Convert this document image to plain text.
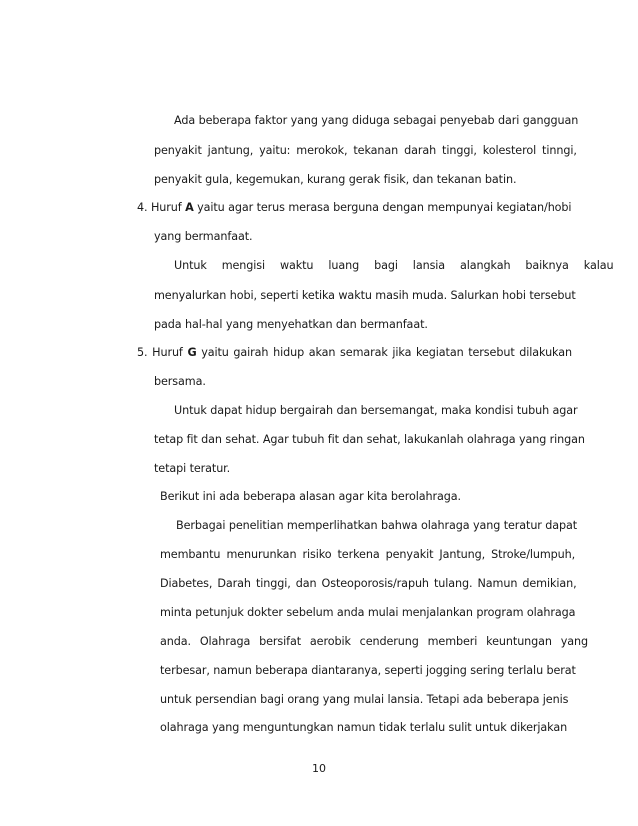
Ada beberapa faktor yang yang diduga sebagai penyebab dari gangguan
penyakit jantung, yaitu: merokok, tekanan darah tinggi, kolesterol tinngi,
penyakit gula, kegemukan, kurang gerak fisik, dan tekanan batin.
4. Huruf A yaitu agar terus merasa berguna dengan mempunyai kegiatan/hobi
yang bermanfaat.
Untuk mengisi waktu luang bagi lansia alangkah baiknya kalau
menyalurkan hobi, seperti ketika waktu masih muda. Salurkan hobi tersebut
pada hal-hal yang menyehatkan dan bermanfaat.
5. Huruf G yaitu gairah hidup akan semarak jika kegiatan tersebut dilakukan
bersama.
Untuk dapat hidup bergairah dan bersemangat, maka kondisi tubuh agar
tetap fit dan sehat. Agar tubuh fit dan sehat, lakukanlah olahraga yang ringan
tetapi teratur.
Berikut ini ada beberapa alasan agar kita berolahraga.
Berbagai penelitian memperlihatkan bahwa olahraga yang teratur dapat
membantu menurunkan risiko terkena penyakit Jantung, Stroke/lumpuh,
Diabetes, Darah tinggi, dan Osteoporosis/rapuh tulang. Namun demikian,
minta petunjuk dokter sebelum anda mulai menjalankan program olahraga
anda. Olahraga bersifat aerobik cenderung memberi keuntungan yang
terbesar, namun beberapa diantaranya, seperti jogging sering terlalu berat
untuk persendian bagi orang yang mulai lansia. Tetapi ada beberapa jenis
olahraga yang menguntungkan namun tidak terlalu sulit untuk dikerjakan
10
